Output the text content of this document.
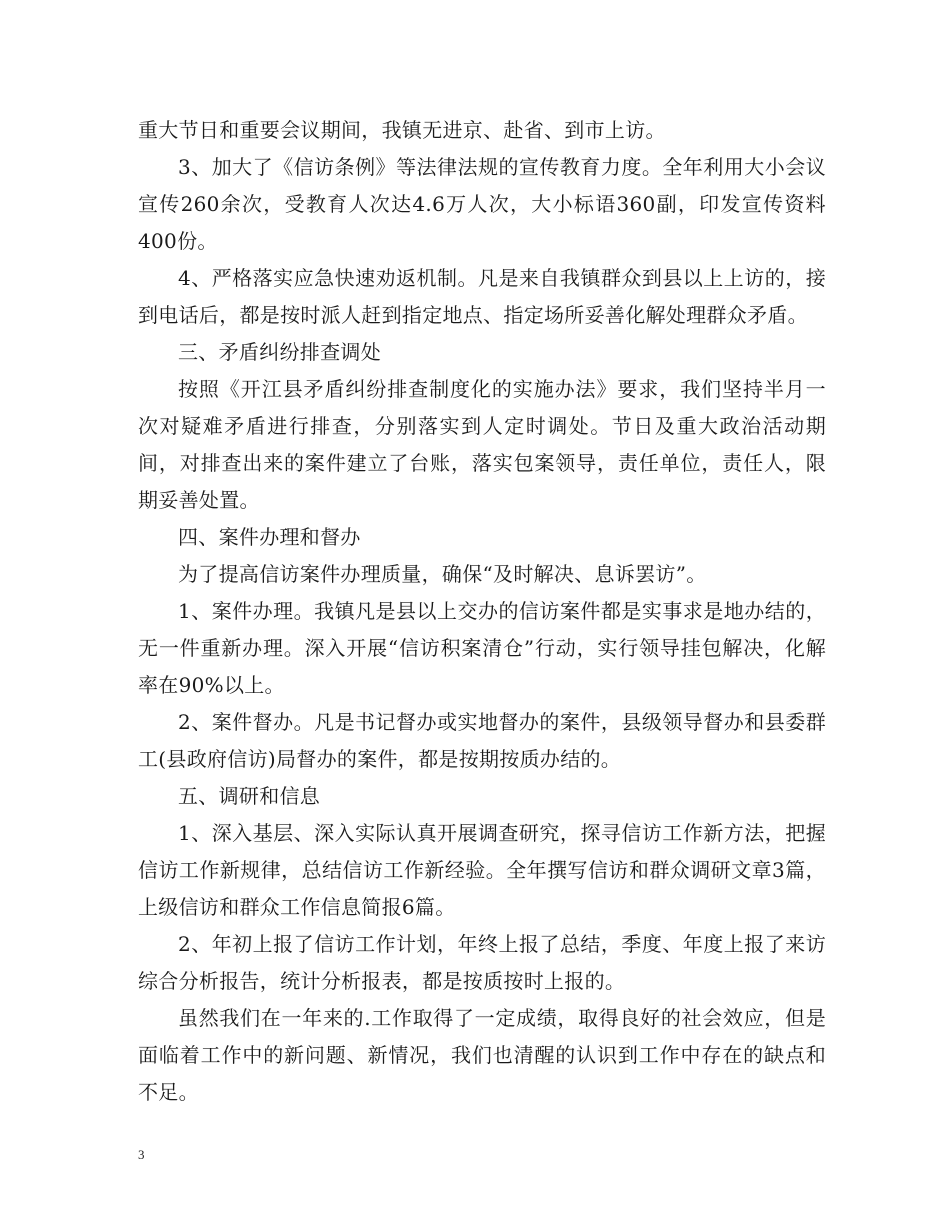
重大节日和重要会议期间，我镇无进京、赴省、到市上访。

3、加大了《信访条例》等法律法规的宣传教育力度。全年利用大小会议宣传260余次，受教育人次达4.6万人次，大小标语360副，印发宣传资料400份。

4、严格落实应急快速劝返机制。凡是来自我镇群众到县以上上访的，接到电话后，都是按时派人赶到指定地点、指定场所妥善化解处理群众矛盾。

三、矛盾纠纷排查调处

按照《开江县矛盾纠纷排查制度化的实施办法》要求，我们坚持半月一次对疑难矛盾进行排查，分别落实到人定时调处。节日及重大政治活动期间，对排查出来的案件建立了台账，落实包案领导，责任单位，责任人，限期妥善处置。

四、案件办理和督办

为了提高信访案件办理质量，确保“及时解决、息诉罢访”。

1、案件办理。我镇凡是县以上交办的信访案件都是实事求是地办结的，无一件重新办理。深入开展“信访积案清仓”行动，实行领导挂包解决，化解率在90%以上。

2、案件督办。凡是书记督办或实地督办的案件，县级领导督办和县委群工(县政府信访)局督办的案件，都是按期按质办结的。

五、调研和信息

1、深入基层、深入实际认真开展调查研究，探寻信访工作新方法，把握信访工作新规律，总结信访工作新经验。全年撰写信访和群众调研文章3篇，上级信访和群众工作信息简报6篇。

2、年初上报了信访工作计划，年终上报了总结，季度、年度上报了来访综合分析报告，统计分析报表，都是按质按时上报的。

虽然我们在一年来的.工作取得了一定成绩，取得良好的社会效应，但是面临着工作中的新问题、新情况，我们也清醒的认识到工作中存在的缺点和不足。

3
